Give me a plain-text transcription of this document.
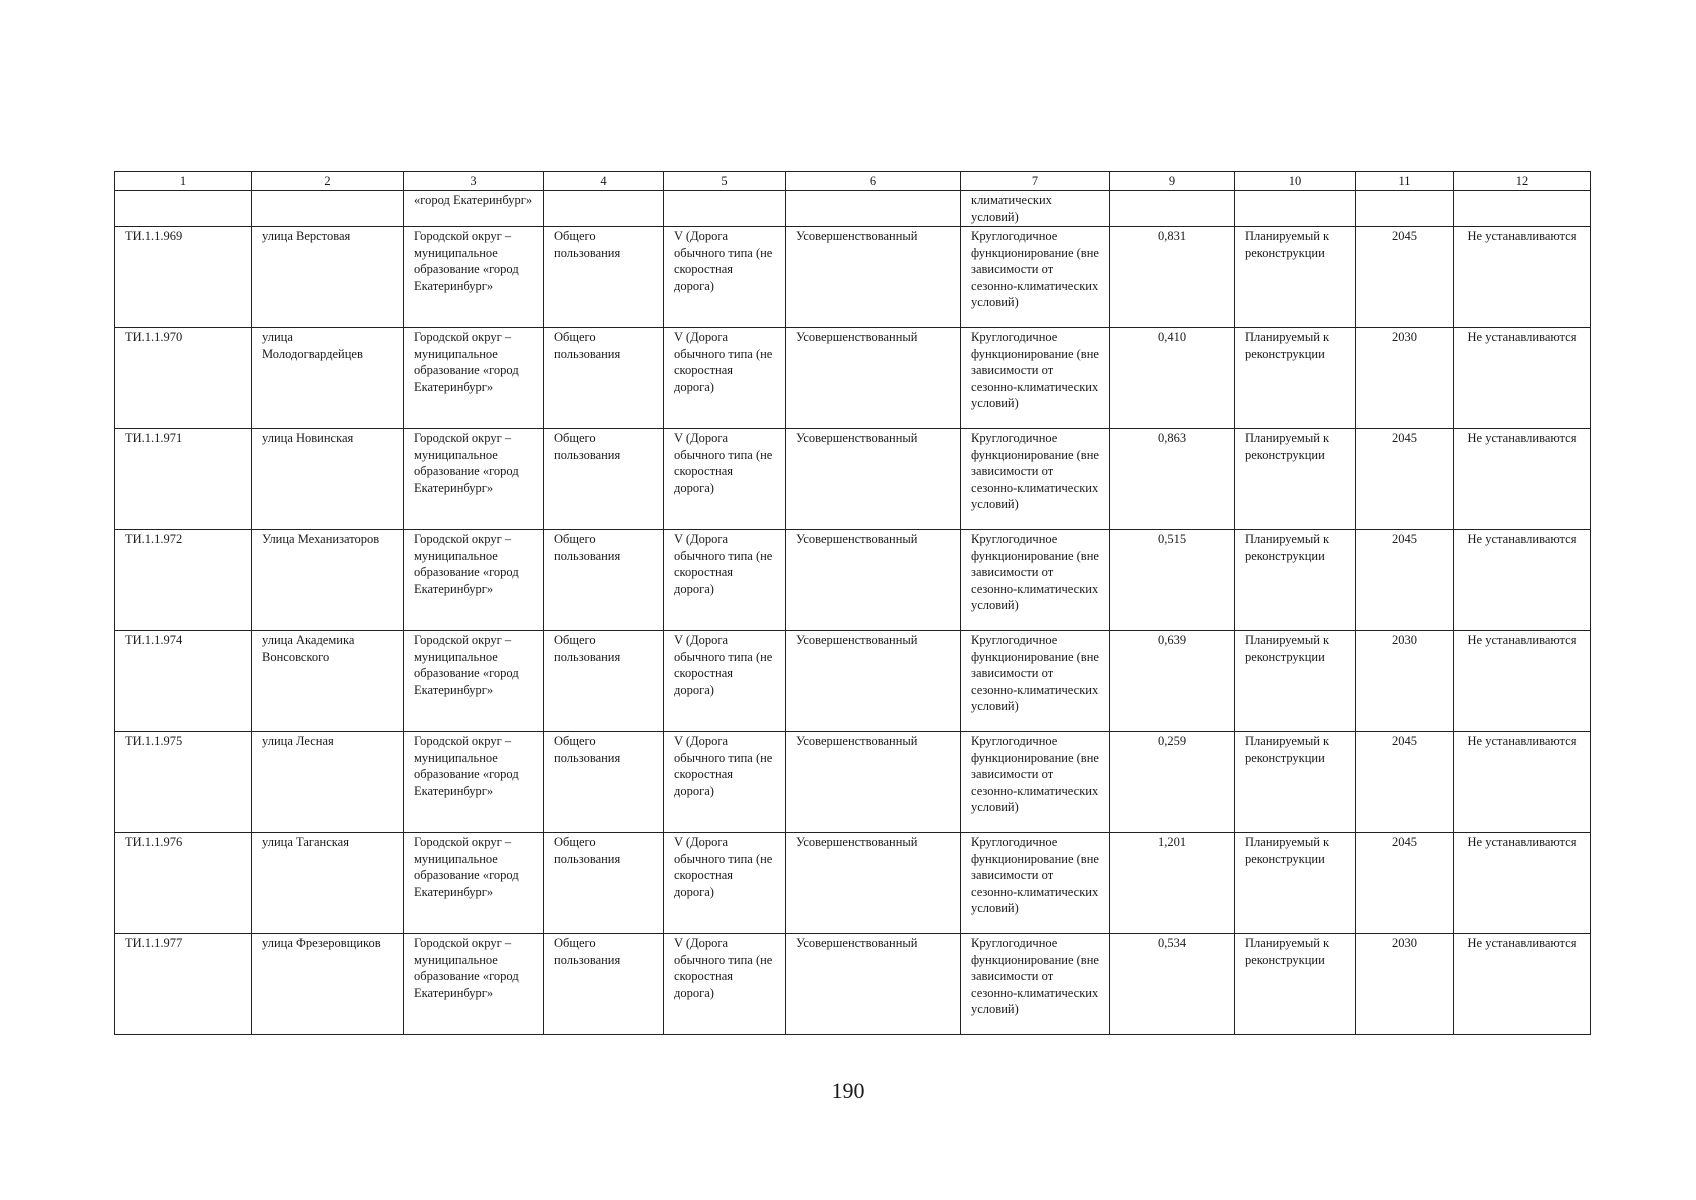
1	2	3	4	5	6	7	9	10	11	12
		«город Екатеринбург»				климатических условий)				
ТИ.1.1.969	улица Верстовая	Городской округ – муниципальное образование «город Екатеринбург»	Общего пользования	V (Дорога обычного типа (не скоростная дорога)	Усовершенствованный	Круглогодичное функционирование (вне зависимости от сезонно-климатических условий)	0,831	Планируемый к реконструкции	2045	Не устанавливаются
ТИ.1.1.970	улица Молодогвардейцев	Городской округ – муниципальное образование «город Екатеринбург»	Общего пользования	V (Дорога обычного типа (не скоростная дорога)	Усовершенствованный	Круглогодичное функционирование (вне зависимости от сезонно-климатических условий)	0,410	Планируемый к реконструкции	2030	Не устанавливаются
ТИ.1.1.971	улица Новинская	Городской округ – муниципальное образование «город Екатеринбург»	Общего пользования	V (Дорога обычного типа (не скоростная дорога)	Усовершенствованный	Круглогодичное функционирование (вне зависимости от сезонно-климатических условий)	0,863	Планируемый к реконструкции	2045	Не устанавливаются
ТИ.1.1.972	Улица Механизаторов	Городской округ – муниципальное образование «город Екатеринбург»	Общего пользования	V (Дорога обычного типа (не скоростная дорога)	Усовершенствованный	Круглогодичное функционирование (вне зависимости от сезонно-климатических условий)	0,515	Планируемый к реконструкции	2045	Не устанавливаются
ТИ.1.1.974	улица Академика Вонсовского	Городской округ – муниципальное образование «город Екатеринбург»	Общего пользования	V (Дорога обычного типа (не скоростная дорога)	Усовершенствованный	Круглогодичное функционирование (вне зависимости от сезонно-климатических условий)	0,639	Планируемый к реконструкции	2030	Не устанавливаются
ТИ.1.1.975	улица Лесная	Городской округ – муниципальное образование «город Екатеринбург»	Общего пользования	V (Дорога обычного типа (не скоростная дорога)	Усовершенствованный	Круглогодичное функционирование (вне зависимости от сезонно-климатических условий)	0,259	Планируемый к реконструкции	2045	Не устанавливаются
ТИ.1.1.976	улица Таганская	Городской округ – муниципальное образование «город Екатеринбург»	Общего пользования	V (Дорога обычного типа (не скоростная дорога)	Усовершенствованный	Круглогодичное функционирование (вне зависимости от сезонно-климатических условий)	1,201	Планируемый к реконструкции	2045	Не устанавливаются
ТИ.1.1.977	улица Фрезеровщиков	Городской округ – муниципальное образование «город Екатеринбург»	Общего пользования	V (Дорога обычного типа (не скоростная дорога)	Усовершенствованный	Круглогодичное функционирование (вне зависимости от сезонно-климатических условий)	0,534	Планируемый к реконструкции	2030	Не устанавливаются
190
